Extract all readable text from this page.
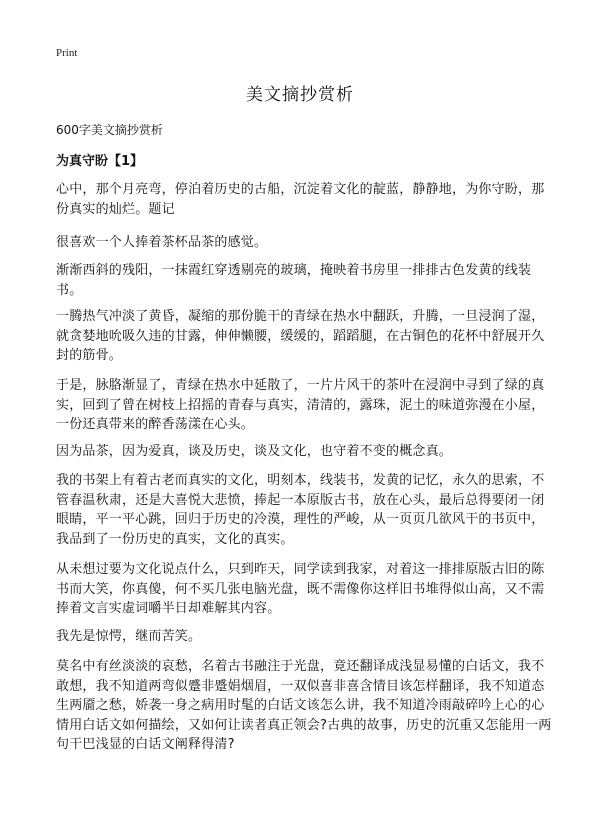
Print
美文摘抄赏析
600字美文摘抄赏析
为真守盼【1】

心中，那个月亮弯，停泊着历史的古船，沉淀着文化的靛蓝，静静地，为你守盼，那份真实的灿烂。题记

很喜欢一个人捧着茶杯品茶的感觉。

渐渐西斜的残阳，一抹霞红穿透剔亮的玻璃，掩映着书房里一排排古色发黄的线装书。

一腾热气冲淡了黄昏，凝缩的那份脆干的青绿在热水中翻跃，升腾，一旦浸润了湿，就贪婪地吮吸久违的甘露，伸伸懒腰，缓缓的，蹈蹈腿，在古铜色的花杯中舒展开久封的筋骨。

于是，脉胳渐显了，青绿在热水中延散了，一片片风干的茶叶在浸润中寻到了绿的真实，回到了曾在树枝上招摇的青春与真实，清清的，露珠，泥土的味道弥漫在小屋，一份还真带来的醉香荡漾在心头。

因为品茶，因为爱真，谈及历史，谈及文化，也守着不变的概念真。

我的书架上有着古老而真实的文化，明刻本，线装书，发黄的记忆，永久的思索，不管春温秋肃，还是大喜悦大悲愤，捧起一本原版古书，放在心头，最后总得要闭一闭眼睛，平一平心跳，回归于历史的冷漠，理性的严峻，从一页页几欲风干的书页中，我品到了一份历史的真实，文化的真实。

从未想过要为文化说点什么，只到昨天，同学读到我家，对着这一排排原版古旧的陈书而大笑，你真傻，何不买几张电脑光盘，既不需像你这样旧书堆得似山高，又不需捧着文言实虚词嚼半日却难解其内容。

我先是惊愕，继而苦笑。

莫名中有丝淡淡的哀愁，名着古书融注于光盘，竟还翻译成浅显易懂的白话文，我不敢想，我不知道两弯似蹙非蹙娟烟眉，一双似喜非喜含情目该怎样翻译，我不知道态生两靥之愁，娇袭一身之病用时髦的白话文该怎么讲，我不知道冷雨敲碎吟上心的心情用白话文如何描绘，又如何让读者真正领会?古典的故事，历史的沉重又怎能用一两句干巴浅显的白话文阐释得清?
